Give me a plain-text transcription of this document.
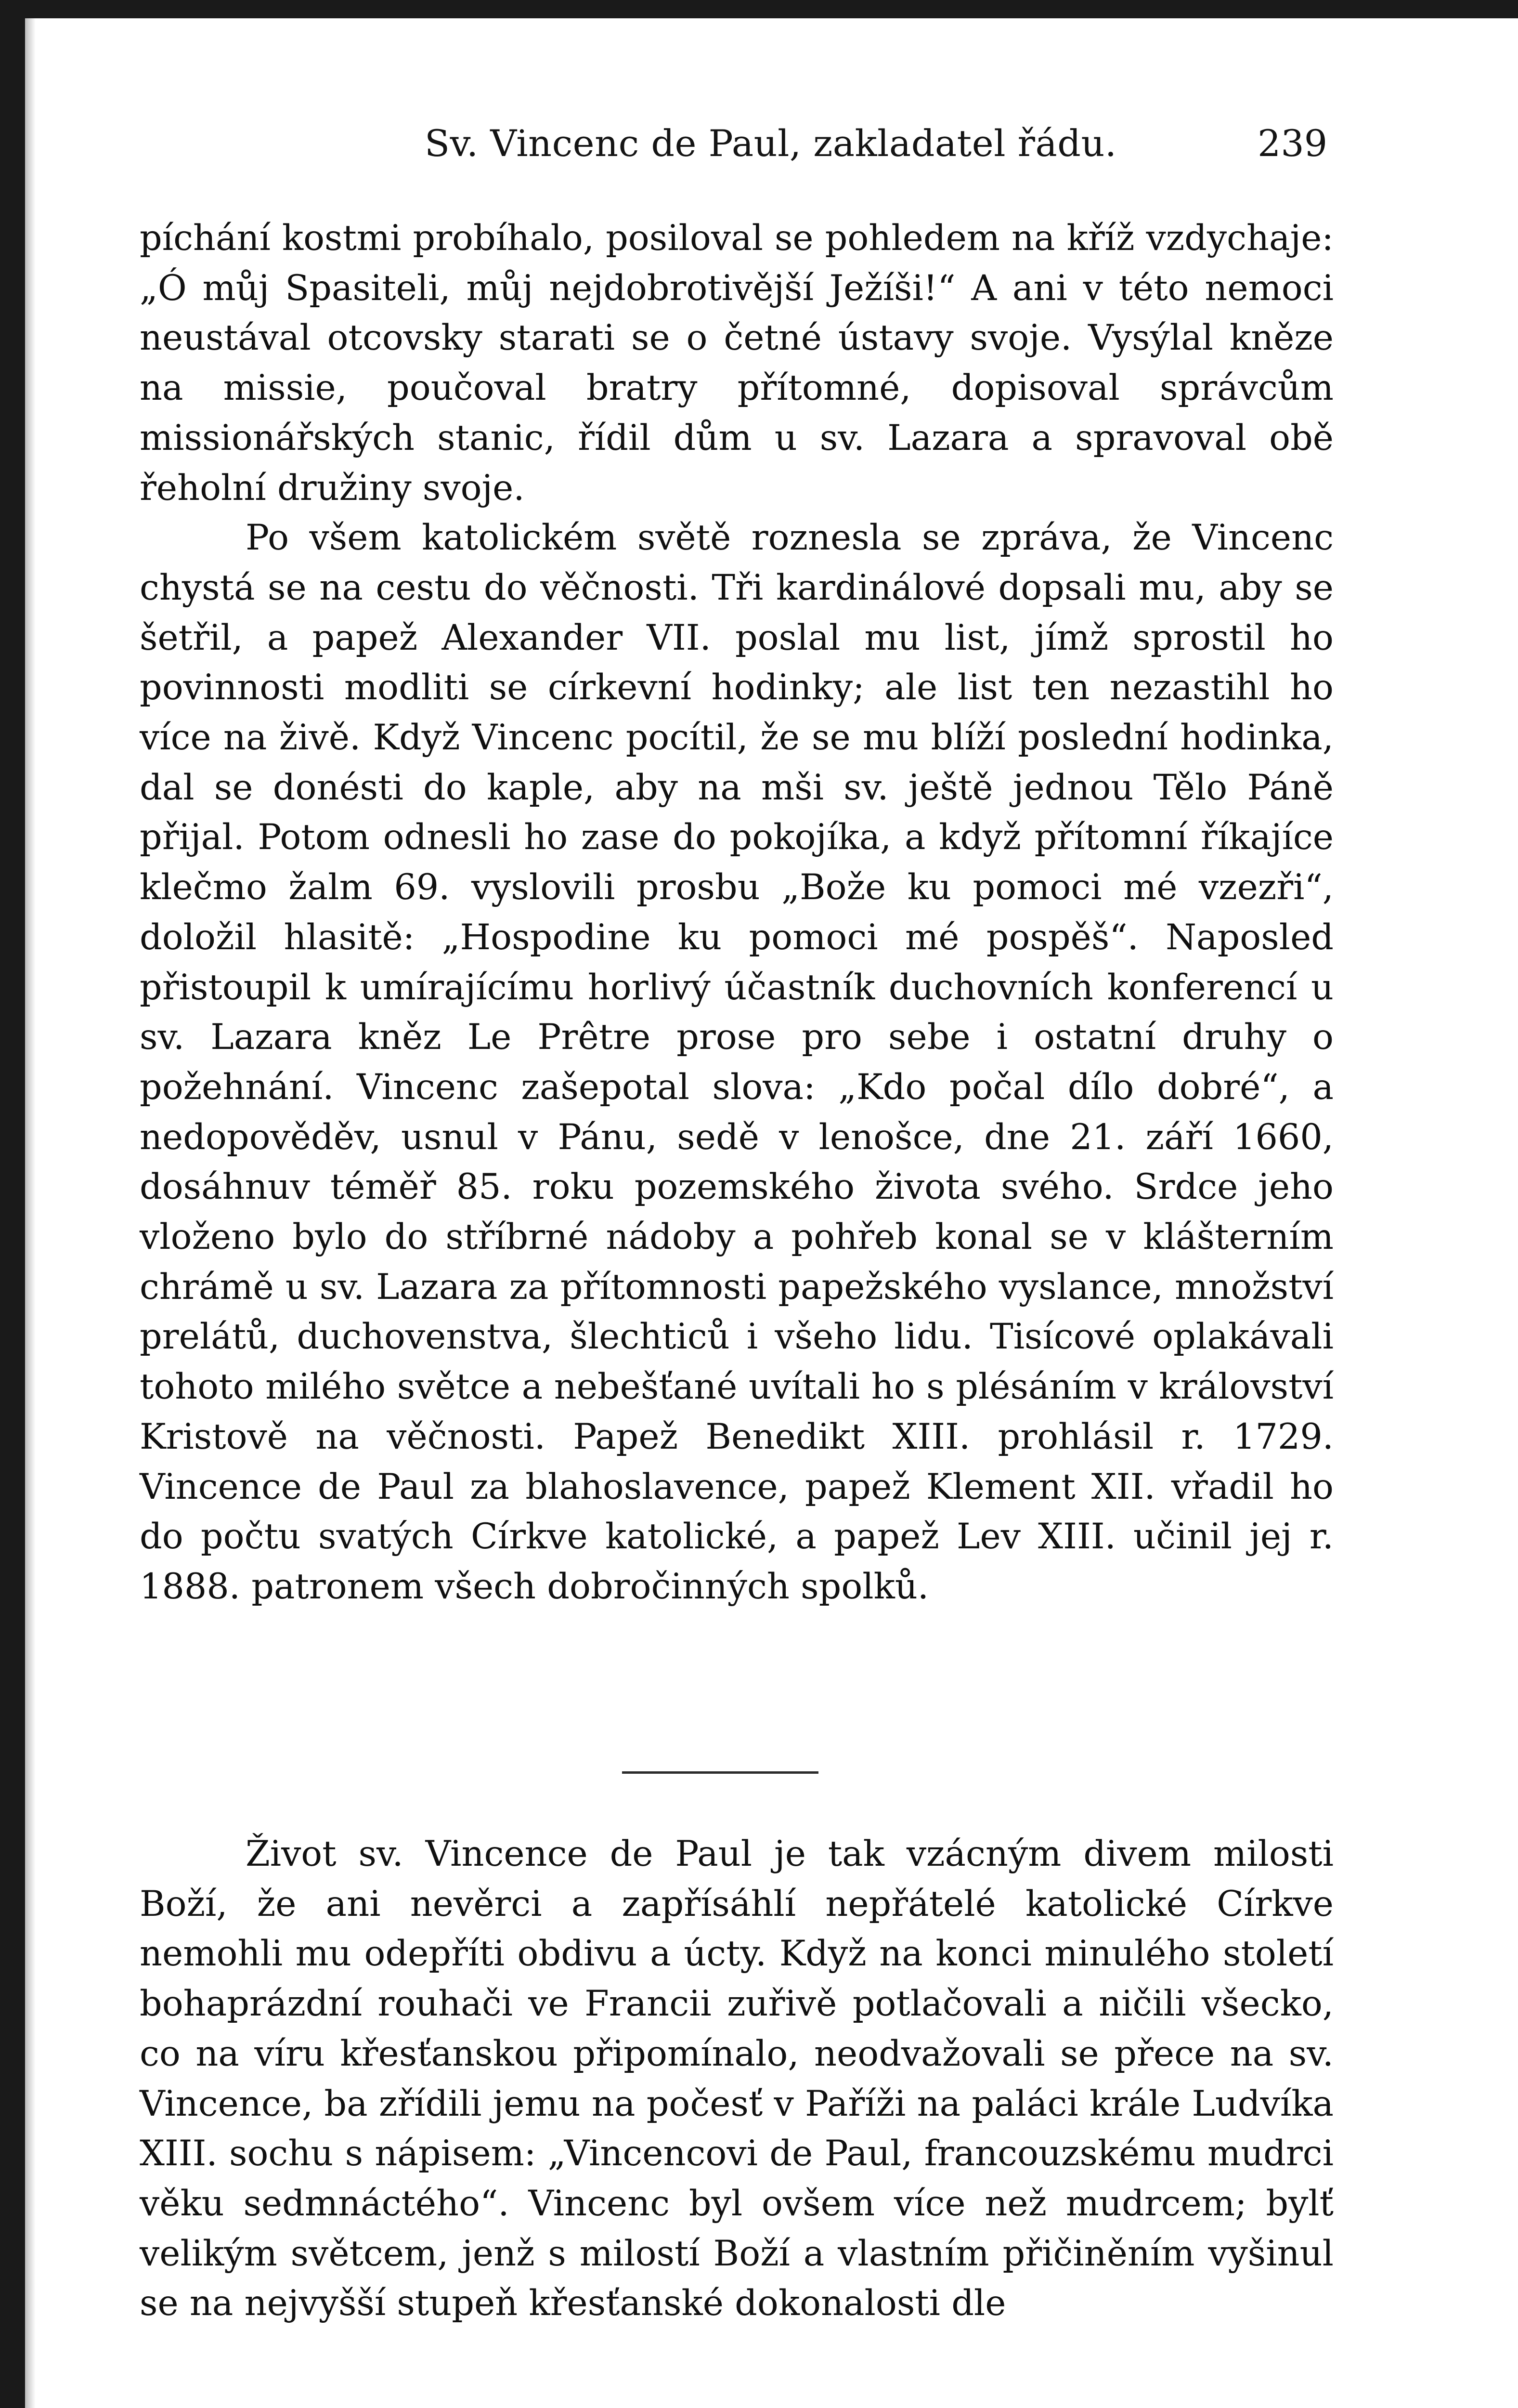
Sv. Vincenc de Paul, zakladatel řádu.	239

píchání kostmi probíhalo, posiloval se pohledem na kříž vzdychaje: „Ó můj Spasiteli, můj nejdobrotivější Ježíši!“ A ani v této nemoci neustával otcovsky starati se o četné ústavy svoje. Vysýlal kněze na missie, poučoval bratry přítomné, dopisoval správcům missionářských stanic, řídil dům u sv. Lazara a spravoval obě řeholní družiny svoje.

Po všem katolickém světě roznesla se zpráva, že Vincenc chystá se na cestu do věčnosti. Tři kardinálové dopsali mu, aby se šetřil, a papež Alexander VII. poslal mu list, jímž sprostil ho povinnosti modliti se církevní hodinky; ale list ten nezastihl ho více na živě. Když Vincenc pocítil, že se mu blíží poslední hodinka, dal se donésti do kaple, aby na mši sv. ještě jednou Tělo Páně přijal. Potom odnesli ho zase do pokojíka, a když přítomní říkajíce klečmo žalm 69. vyslovili prosbu „Bože ku pomoci mé vzezři“, doložil hlasitě: „Hospodine ku pomoci mé pospěš“. Naposled přistoupil k umírajícímu horlivý účastník duchovních konferencí u sv. Lazara kněz Le Prêtre prose pro sebe i ostatní druhy o požehnání. Vincenc zašepotal slova: „Kdo počal dílo dobré“, a nedopověděv, usnul v Pánu, sedě v lenošce, dne 21. září 1660, dosáhnuv téměř 85. roku pozemského života svého. Srdce jeho vloženo bylo do stříbrné nádoby a pohřeb konal se v klášterním chrámě u sv. Lazara za přítomnosti papežského vyslance, množství prelátů, duchovenstva, šlechticů i všeho lidu. Tisícové oplakávali tohoto milého světce a nebešťané uvítali ho s plésáním v království Kristově na věčnosti. Papež Benedikt XIII. prohlásil r. 1729. Vincence de Paul za blahoslavence, papež Klement XII. vřadil ho do počtu svatých Církve katolické, a papež Lev XIII. učinil jej r. 1888. patronem všech dobročinných spolků.

Život sv. Vincence de Paul je tak vzácným divem milosti Boží, že ani nevěrci a zapřísáhlí nepřátelé katolické Církve nemohli mu odepříti obdivu a úcty. Když na konci minulého století bohaprázdní rouhači ve Francii zuřivě potlačovali a ničili všecko, co na víru křesťanskou připomínalo, neodvažovali se přece na sv. Vincence, ba zřídili jemu na počesť v Paříži na paláci krále Ludvíka XIII. sochu s nápisem: „Vincencovi de Paul, francouzskému mudrci věku sedmnáctého“. Vincenc byl ovšem více než mudrcem; bylť velikým světcem, jenž s milostí Boží a vlastním přičiněním vyšinul se na nejvyšší stupeň křesťanské dokonalosti dle
